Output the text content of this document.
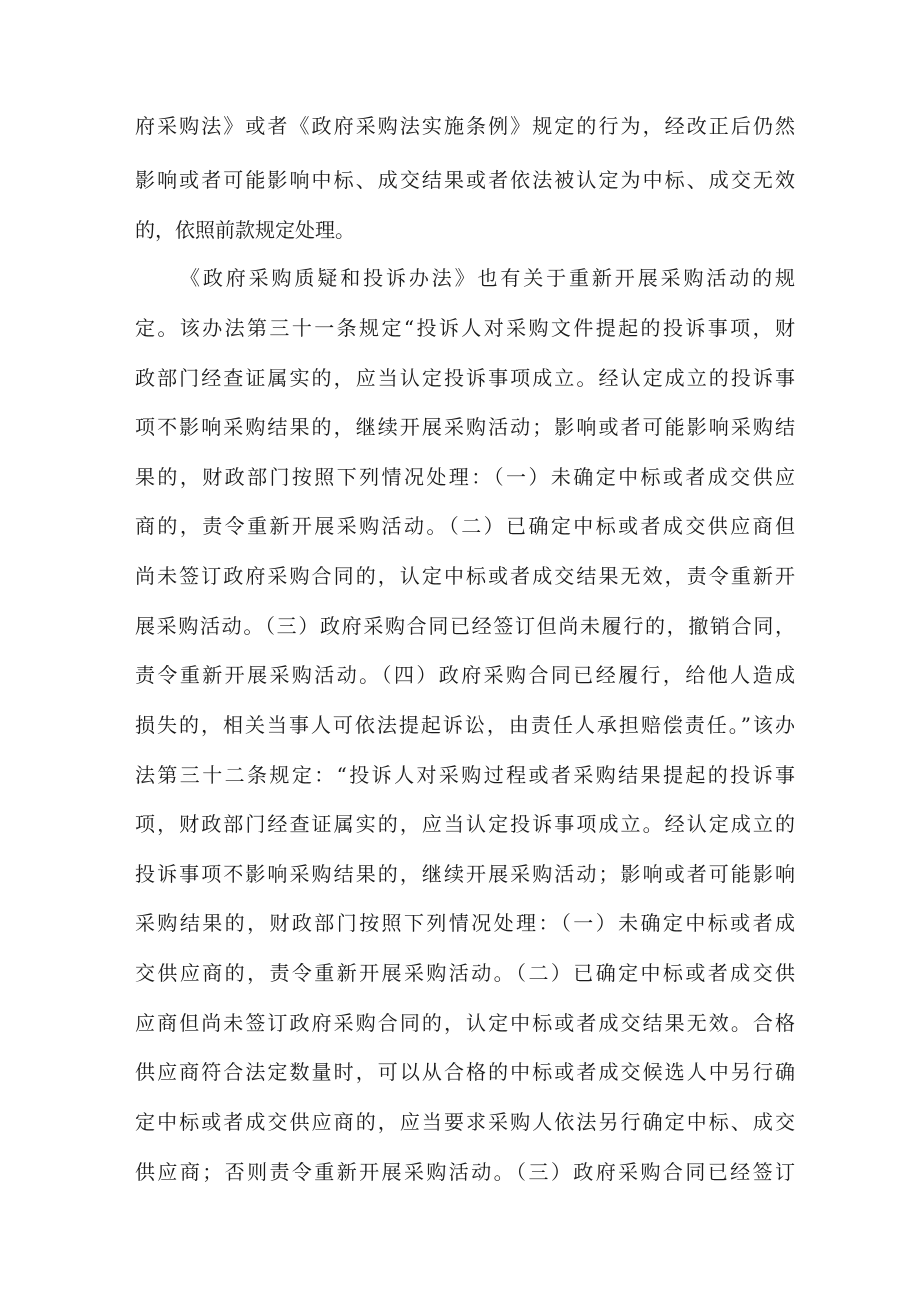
府采购法》或者《政府采购法实施条例》规定的行为，经改正后仍然
影响或者可能影响中标、成交结果或者依法被认定为中标、成交无效
的，依照前款规定处理。
《政府采购质疑和投诉办法》也有关于重新开展采购活动的规
定。该办法第三十一条规定“投诉人对采购文件提起的投诉事项，财
政部门经查证属实的，应当认定投诉事项成立。经认定成立的投诉事
项不影响采购结果的，继续开展采购活动；影响或者可能影响采购结
果的，财政部门按照下列情况处理：（一）未确定中标或者成交供应
商的，责令重新开展采购活动。（二）已确定中标或者成交供应商但
尚未签订政府采购合同的，认定中标或者成交结果无效，责令重新开
展采购活动。（三）政府采购合同已经签订但尚未履行的，撤销合同，
责令重新开展采购活动。（四）政府采购合同已经履行，给他人造成
损失的，相关当事人可依法提起诉讼，由责任人承担赔偿责任。”该办
法第三十二条规定：“投诉人对采购过程或者采购结果提起的投诉事
项，财政部门经查证属实的，应当认定投诉事项成立。经认定成立的
投诉事项不影响采购结果的，继续开展采购活动；影响或者可能影响
采购结果的，财政部门按照下列情况处理：（一）未确定中标或者成
交供应商的，责令重新开展采购活动。（二）已确定中标或者成交供
应商但尚未签订政府采购合同的，认定中标或者成交结果无效。合格
供应商符合法定数量时，可以从合格的中标或者成交候选人中另行确
定中标或者成交供应商的，应当要求采购人依法另行确定中标、成交
供应商；否则责令重新开展采购活动。（三）政府采购合同已经签订
